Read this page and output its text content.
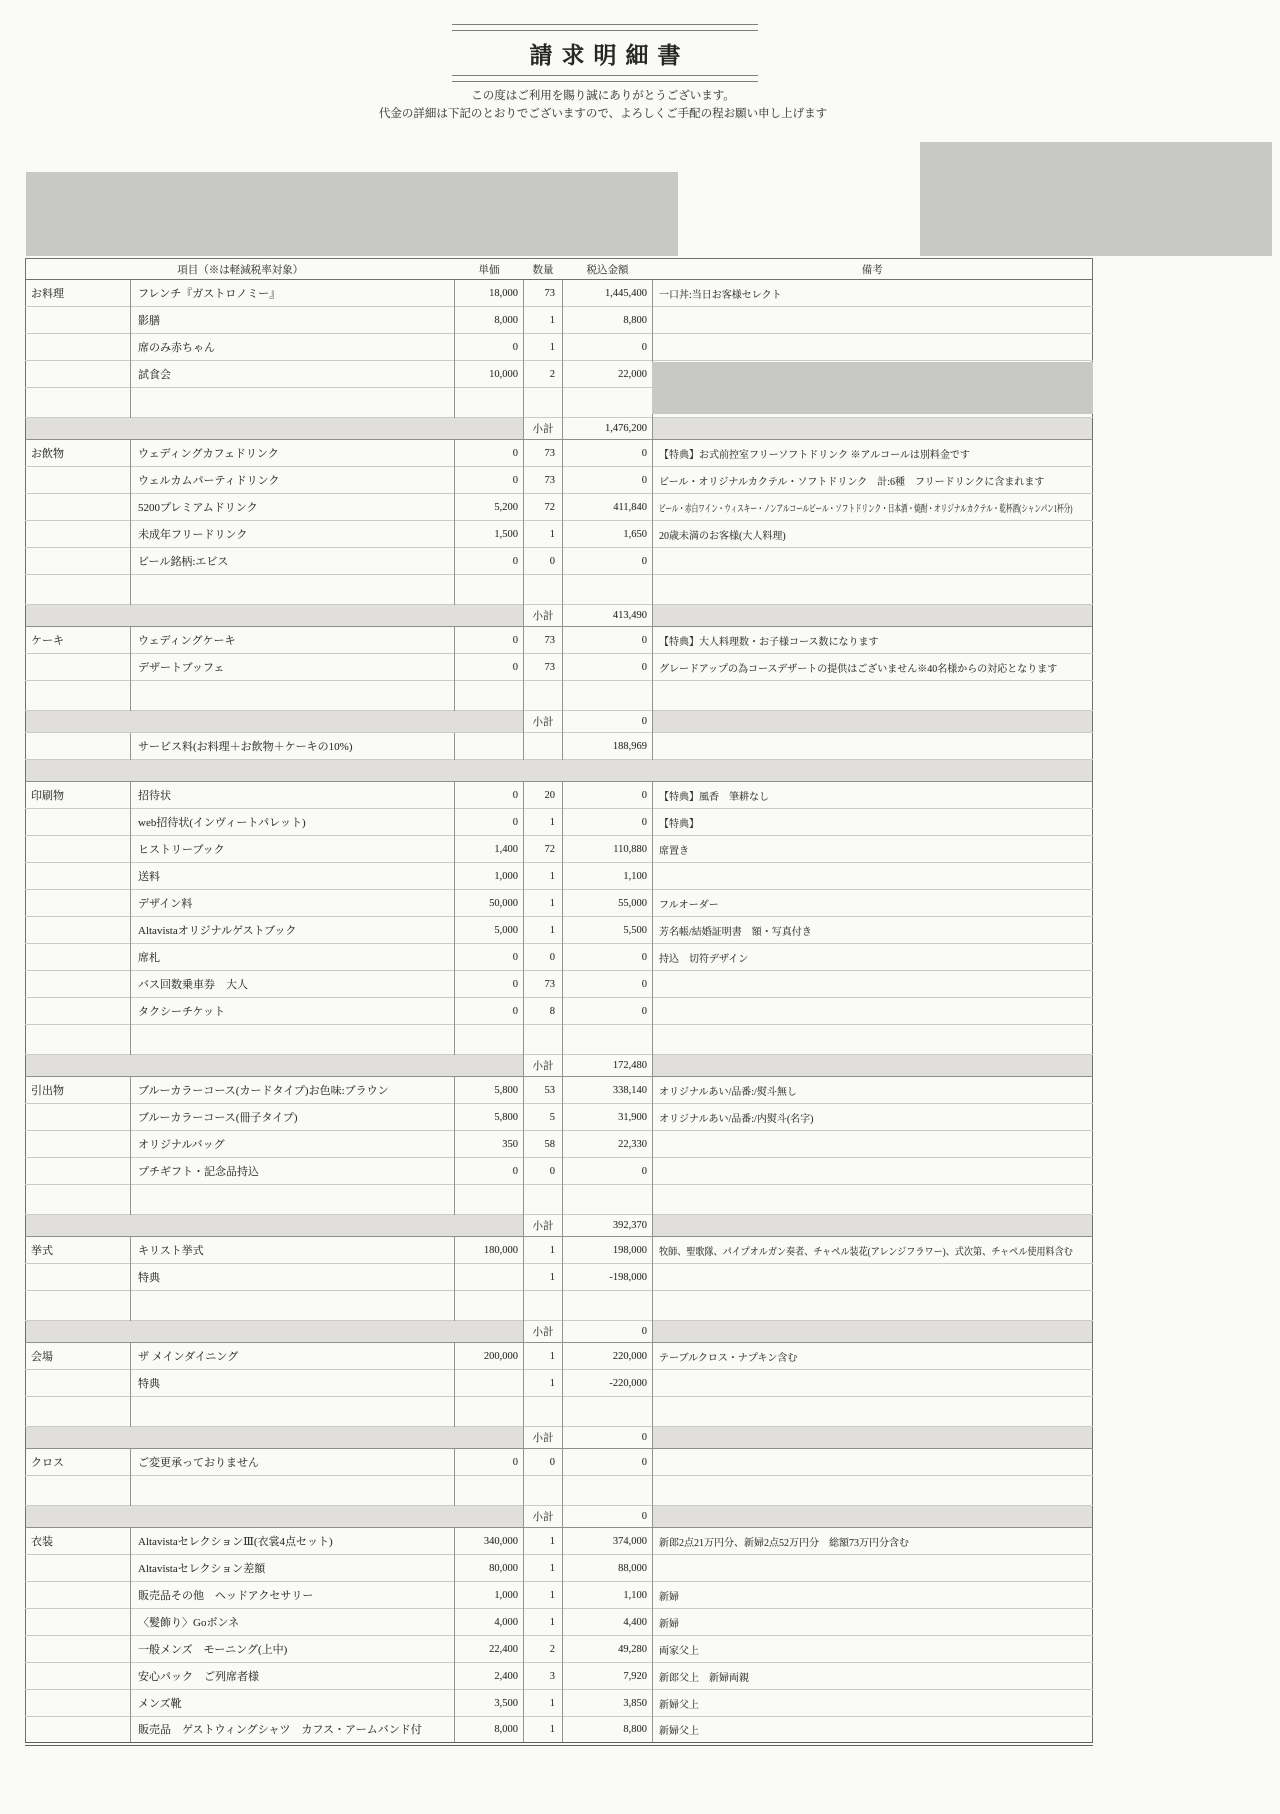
請求明細書
この度はご利用を賜り誠にありがとうございます。
代金の詳細は下記のとおりでございますので、よろしくご手配の程お願い申し上げます
項目（※は軽減税率対象）		単価	数量	税込金額	備考
お料理	フレンチ『ガストロノミー』	18,000	73	1,445,400	一口丼:当日お客様セレクト
	影膳	8,000	1	8,800	
	席のみ赤ちゃん	0	1	0	
	試食会	10,000	2	22,000	

			小計	1,476,200	
お飲物	ウェディングカフェドリンク	0	73	0	【特典】お式前控室フリーソフトドリンク ※アルコールは別料金です
	ウェルカムパーティドリンク	0	73	0	ビール・オリジナルカクテル・ソフトドリンク　計:6種　フリードリンクに含まれます
	5200プレミアムドリンク	5,200	72	411,840	ビール・赤白ワイン・ウィスキー・ノンアルコールビール・ソフトドリンク・日本酒・焼酎・オリジナルカクテル・乾杯酒(シャンパン1杯分)
	未成年フリードリンク	1,500	1	1,650	20歳未満のお客様(大人料理)
	ビール銘柄:エビス	0	0	0	

			小計	413,490	
ケーキ	ウェディングケーキ	0	73	0	【特典】大人料理数・お子様コース数になります
	デザートブッフェ	0	73	0	グレードアップの為コースデザートの提供はございません※40名様からの対応となります

			小計	0	
	サービス料(お料理＋お飲物＋ケーキの10%)			188,969	

印刷物	招待状	0	20	0	【特典】風香　筆耕なし
	web招待状(インヴィートパレット)	0	1	0	【特典】
	ヒストリーブック	1,400	72	110,880	席置き
	送料	1,000	1	1,100	
	デザイン料	50,000	1	55,000	フルオーダー
	Altavistaオリジナルゲストブック	5,000	1	5,500	芳名帳/結婚証明書　額・写真付き
	席札	0	0	0	持込　切符デザイン
	バス回数乗車券　大人	0	73	0	
	タクシーチケット	0	8	0	

			小計	172,480	
引出物	ブルーカラーコース(カードタイプ)お色味:ブラウン	5,800	53	338,140	オリジナルあい/品番:/熨斗無し
	ブルーカラーコース(冊子タイプ)	5,800	5	31,900	オリジナルあい/品番:/内熨斗(名字)
	オリジナルバッグ	350	58	22,330	
	プチギフト・記念品持込	0	0	0	

			小計	392,370	
挙式	キリスト挙式	180,000	1	198,000	牧師、聖歌隊、パイプオルガン奏者、チャペル装花(アレンジフラワー)、式次第、チャペル使用料含む
	特典		1	-198,000	

			小計	0	
会場	ザ メインダイニング	200,000	1	220,000	テーブルクロス・ナプキン含む
	特典		1	-220,000	

			小計	0	
クロス	ご変更承っておりません	0	0	0	

			小計	0	
衣装	AltavistaセレクションⅢ(衣裳4点セット)	340,000	1	374,000	新郎2点21万円分、新婦2点52万円分　総額73万円分含む
	Altavistaセレクション差額	80,000	1	88,000	
	販売品その他　ヘッドアクセサリー	1,000	1	1,100	新婦
	〈髪飾り〉Goボンネ	4,000	1	4,400	新婦
	一般メンズ　モーニング(上中)	22,400	2	49,280	両家父上
	安心パック　ご列席者様	2,400	3	7,920	新郎父上　新婦両親
	メンズ靴	3,500	1	3,850	新婦父上
	販売品　ゲストウィングシャツ　カフス・アームバンド付	8,000	1	8,800	新婦父上
